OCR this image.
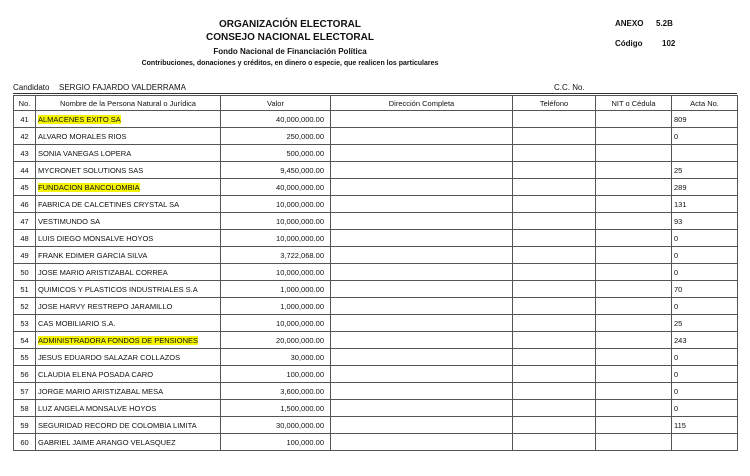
ORGANIZACIÓN ELECTORAL
CONSEJO NACIONAL ELECTORAL
Fondo Nacional de Financiación Política
Contribuciones, donaciones y créditos, en dinero o especie, que realicen los particulares
ANEXO 5.2B
Código 102
Candidato SERGIO FAJARDO VALDERRAMA	C.C. No.
No.	Nombre de la Persona Natural o Jurídica	Valor	Dirección Completa	Teléfono	NIT o Cédula	Acta No.
41	ALMACENES EXITO SA	40,000,000.00				809
42	ALVARO MORALES RIOS	250,000.00				0
43	SONIA VANEGAS LOPERA	500,000.00				
44	MYCRONET SOLUTIONS SAS	9,450,000.00				25
45	FUNDACION BANCOLOMBIA	40,000,000.00				289
46	FABRICA DE CALCETINES CRYSTAL SA	10,000,000.00				131
47	VESTIMUNDO SA	10,000,000.00				93
48	LUIS DIEGO MONSALVE HOYOS	10,000,000.00				0
49	FRANK EDIMER GARCIA SILVA	3,722,068.00				0
50	JOSE MARIO ARISTIZABAL CORREA	10,000,000.00				0
51	QUIMICOS Y PLASTICOS INDUSTRIALES S.A	1,000,000.00				70
52	JOSE HARVY RESTREPO JARAMILLO	1,000,000.00				0
53	CAS MOBILIARIO S.A.	10,000,000.00				25
54	ADMINISTRADORA FONDOS DE PENSIONES	20,000,000.00				243
55	JESUS EDUARDO SALAZAR COLLAZOS	30,000.00				0
56	CLAUDIA ELENA POSADA CARO	100,000.00				0
57	JORGE MARIO ARISTIZABAL MESA	3,600,000.00				0
58	LUZ ANGELA MONSALVE HOYOS	1,500,000.00				0
59	SEGURIDAD RECORD DE COLOMBIA LIMITA	30,000,000.00				115
60	GABRIEL JAIME ARANGO VELASQUEZ	100,000.00				
